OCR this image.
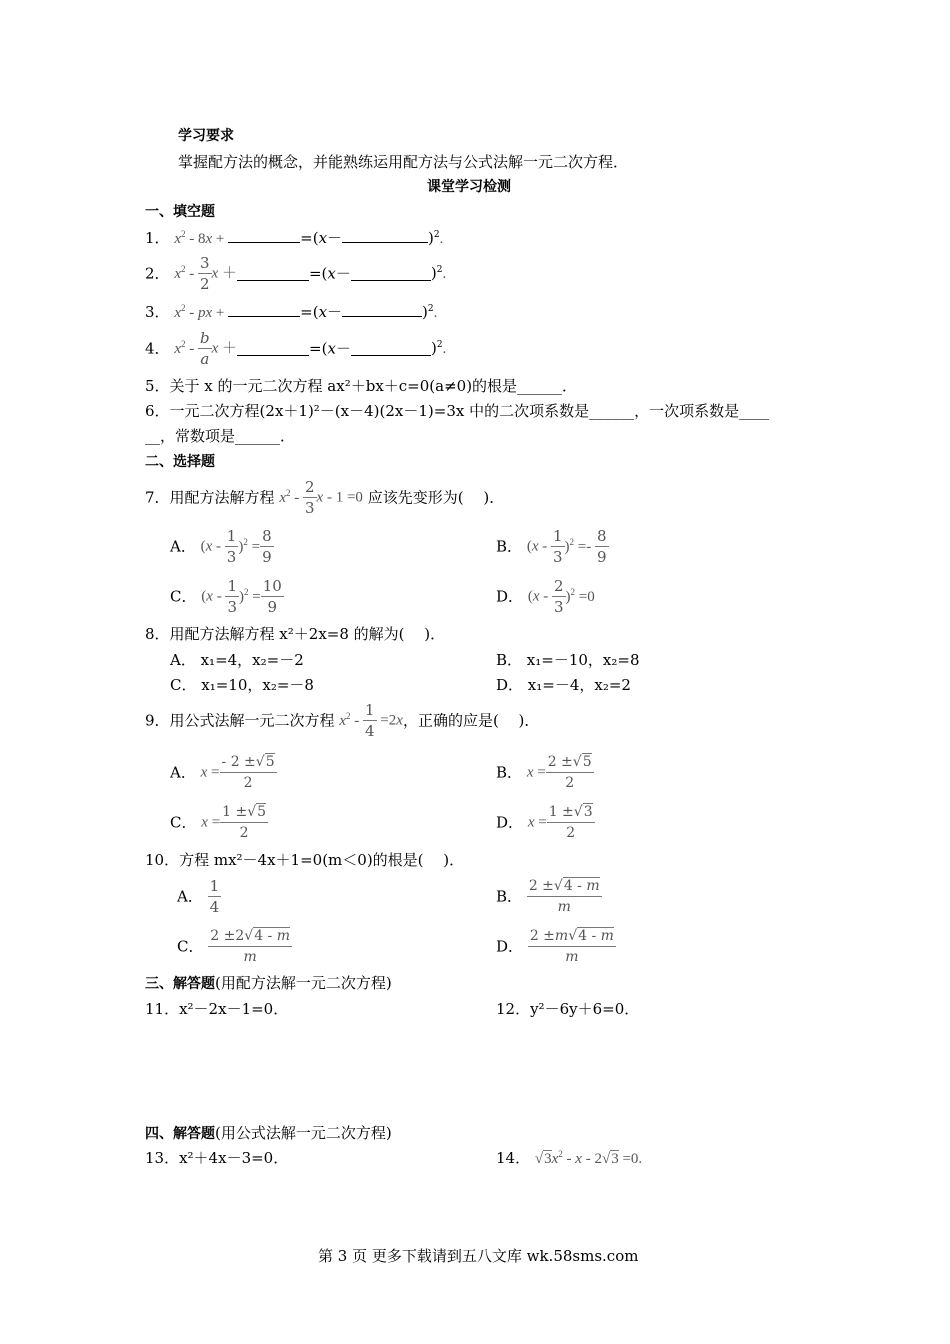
学习要求
掌握配方法的概念，并能熟练运用配方法与公式法解一元二次方程．
课堂学习检测
一、填空题
1． $x^2 - 8x$ +	=(x－	)$^2$.
2． $x^2 - \frac{3}{2}$ x ＋	=(x－	)$^2$.
3． $x^2$ - px +	=(x－	)$^2$.
4． $x^2 - \frac{b}{a}$ x ＋	=(x－	)$^2$.
5．关于 x 的一元二次方程 ax²＋bx＋c=0(a≠0)的根是______．
6．一元二次方程(2x＋1)²－(x－4)(2x－1)=3x 中的二次项系数是______，一次项系数是____
__，常数项是______．
二、选择题
7．用配方法解方程 $x^2 - \frac{2}{3}$ x - 1 =0 应该先变形为(　 )．
A． $(x - \frac{1}{3} )^2 = \frac{8}{9}$	B． $(x - \frac{1}{3} )^2 =- \frac{8}{9}$
C． $(x - \frac{1}{3} )^2 = \frac{10}{9}$	D． $(x - \frac{2}{3} )^2 =0$
8．用配方法解方程 x²＋2x=8 的解为(　 )．
A． x₁=4，x₂=－2	B． x₁=－10，x₂=8
C． x₁=10，x₂=－8	D． x₁=－4，x₂=2
9．用公式法解一元二次方程 $x^2 - \frac{1}{4} =2x$，正确的应是(　 )．
A． $x = \frac{- 2 \pm√5}{2}$	B． $x = \frac{2 \pm√5}{2}$
C． $x = \frac{1 \pm√5}{2}$	D． $x = \frac{1 \pm√3}{2}$
10．方程 mx²－4x＋1=0(m＜0)的根是(　 )．
A． $\frac{1}{4}$	B． $\frac{2 \pm√4 - m}{m}$
C． $\frac{2 \pm 2√4 - m}{m}$	D． $\frac{2 \pm m√4 - m}{m}$
三、解答题(用配方法解一元二次方程)
11．x²－2x－1=0．	12．y²－6y＋6=0．
四、解答题(用公式法解一元二次方程)
13．x²＋4x－3=0．	14． $√3x^2 - x - 2√3 =0$.
第 3 页 更多下载请到五八文库 wk.58sms.com
